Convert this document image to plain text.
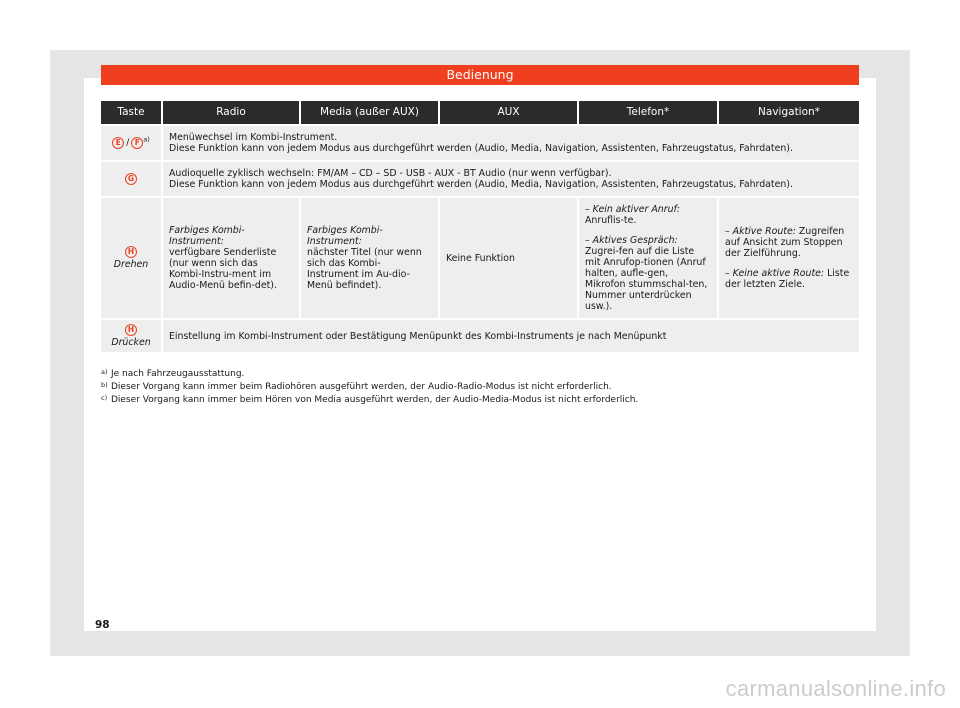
Bedienung
Taste	Radio	Media (außer AUX)	AUX	Telefon*	Navigation*
E / F $^{a)}$	Menüwechsel im Kombi-Instrument.
Diese Funktion kann von jedem Modus aus durchgeführt werden (Audio, Media, Navigation, Assistenten, Fahrzeugstatus, Fahrdaten).				

G	Audioquelle zyklisch wechseln: FM/AM – CD – SD - USB - AUX - BT Audio (nur wenn verfügbar).
Diese Funktion kann von jedem Modus aus durchgeführt werden (Audio, Media, Navigation, Assistenten, Fahrzeugstatus, Fahrdaten).				

H
Drehen	Farbiges Kombi-Instrument:
verfügbare Senderliste (nur wenn sich das Kombi-Instru-ment im Audio-Menü befin-det).	Farbiges Kombi-Instrument:
nächster Titel (nur wenn sich das Kombi-Instrument im Au-dio-Menü befindet).	Keine Funktion	– Kein aktiver Anruf: Anruflis-te.
– Aktives Gespräch: Zugrei-fen auf die Liste mit Anrufop-tionen (Anruf halten, aufle-gen, Mikrofon stummschal-ten, Nummer unterdrücken usw.).	– Aktive Route: Zugreifen auf Ansicht zum Stoppen der Zielführung.
– Keine aktive Route: Liste der letzten Ziele.
H
Drücken	Einstellung im Kombi-Instrument oder Bestätigung Menüpunkt des Kombi-Instruments je nach Menüpunkt				
a) Je nach Fahrzeugausstattung.
b) Dieser Vorgang kann immer beim Radiohören ausgeführt werden, der Audio-Radio-Modus ist nicht erforderlich.
c) Dieser Vorgang kann immer beim Hören von Media ausgeführt werden, der Audio-Media-Modus ist nicht erforderlich.
98
carmanualsonline.info
